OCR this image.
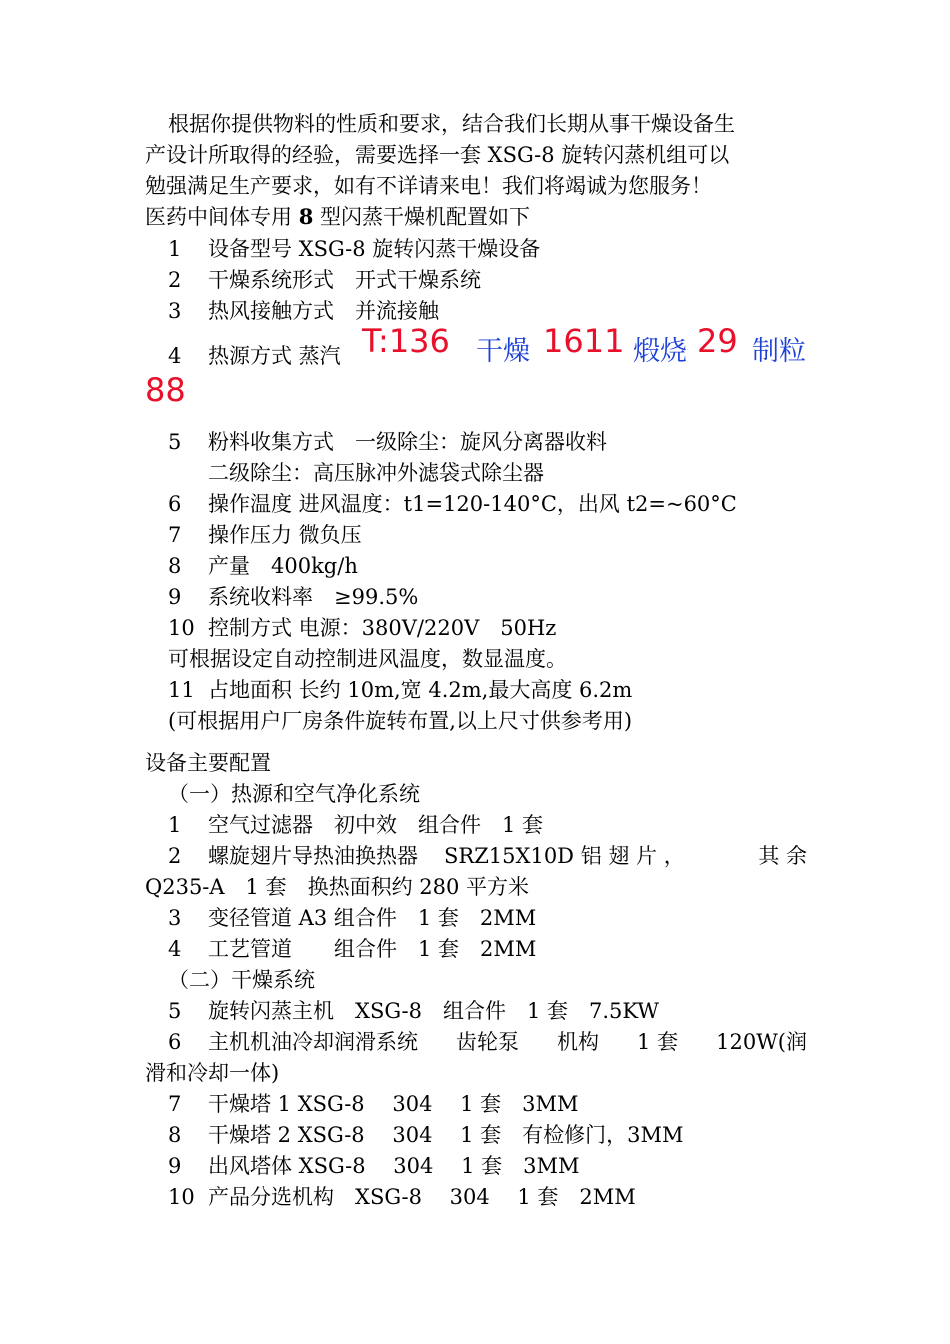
根据你提供物料的性质和要求，结合我们长期从事干燥设备生
产设计所取得的经验，需要选择一套 XSG-8 旋转闪蒸机组可以
勉强满足生产要求，如有不详请来电！我们将竭诚为您服务！
医药中间体专用 8 型闪蒸干燥机配置如下
1 设备型号 XSG-8 旋转闪蒸干燥设备
2 干燥系统形式　开式干燥系统
3 热风接触方式　并流接触
4 热源方式 蒸汽 T:136 干燥 1611 煅烧 29 制粒
88
5 粉料收集方式　一级除尘：旋风分离器收料
二级除尘：高压脉冲外滤袋式除尘器
6 操作温度 进风温度：t1=120-140°C，出风 t2=~60°C
7 操作压力 微负压
8 产量　400kg/h
9 系统收料率　≥99.5%
10 控制方式 电源：380V/220V　50Hz
可根据设定自动控制进风温度，数显温度。
11 占地面积 长约 10m,宽 4.2m,最大高度 6.2m
(可根据用户厂房条件旋转布置,以上尺寸供参考用)
设备主要配置
（一）热源和空气净化系统
1 空气过滤器　初中效　组合件　1 套
2	螺旋翅片导热油换热器 SRZ15X10D 铝 翅 片 ，	其 余
Q235-A　1 套　换热面积约 280 平方米
3 变径管道 A3 组合件　1 套　2MM
4 工艺管道　　组合件　1 套　2MM
（二）干燥系统
5 旋转闪蒸主机　XSG-8　组合件　1 套　7.5KW
6 主机机油冷却润滑系统 齿轮泵 机构 1 套 120W(润
滑和冷却一体)
7 干燥塔 1 XSG-8　 304　 1 套　3MM
8 干燥塔 2 XSG-8　 304　 1 套　有检修门，3MM
9 出风塔体 XSG-8　 304　 1 套　3MM
10 产品分选机构　XSG-8　 304　 1 套　2MM
